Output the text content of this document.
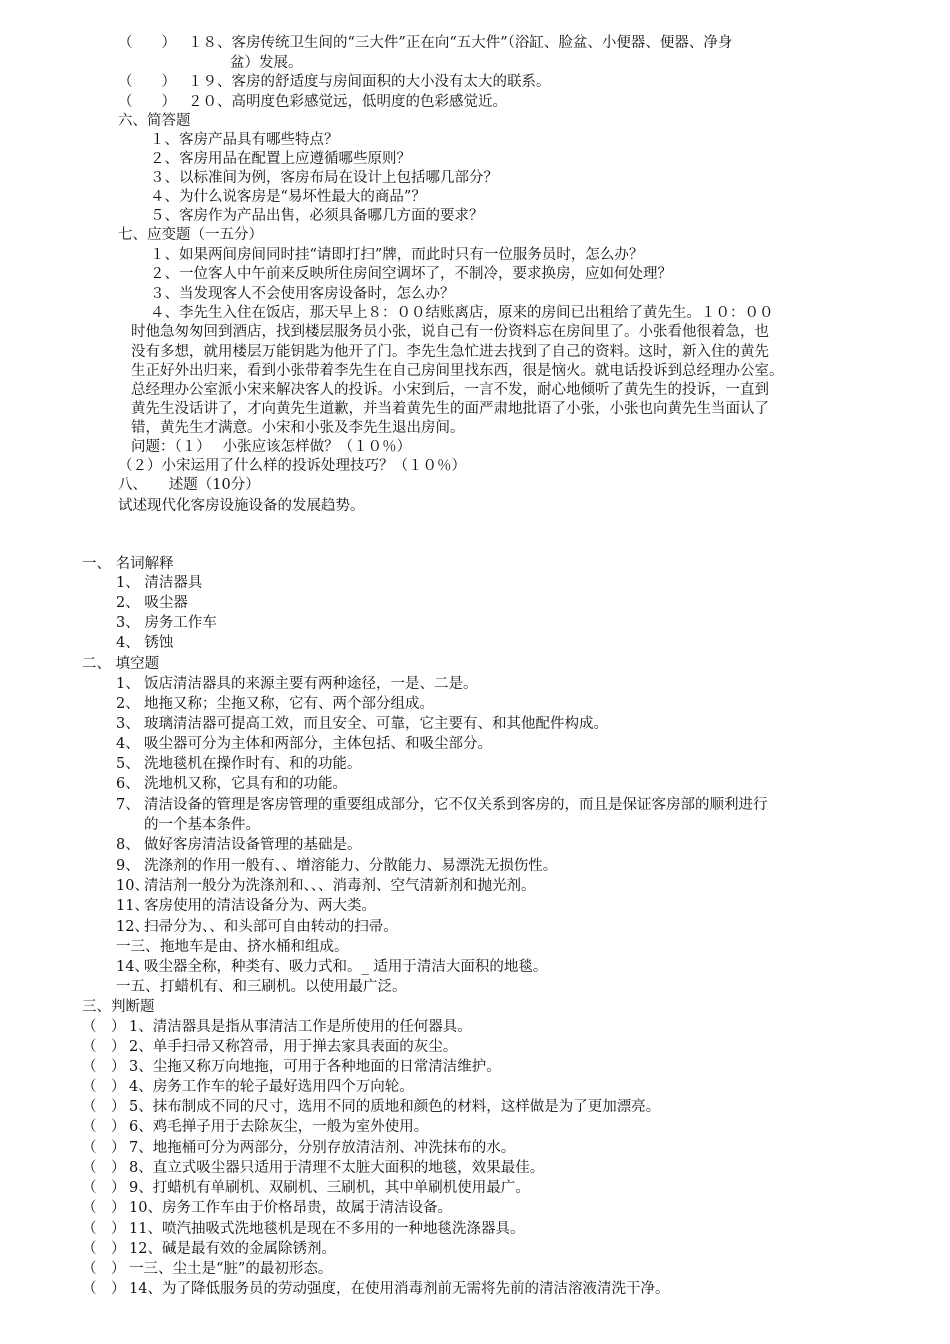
（　　） １８、客房传统卫生间的“三大件”正在向“五大件”（浴缸、脸盆、小便器、便器、净身
盆）发展。
（　　） １９、客房的舒适度与房间面积的大小没有太大的联系。
（　　） ２０、高明度色彩感觉远，低明度的色彩感觉近。
六、简答题
１、客房产品具有哪些特点？
２、客房用品在配置上应遵循哪些原则？
３、以标准间为例，客房布局在设计上包括哪几部分？
４、为什么说客房是“易坏性最大的商品”？
５、客房作为产品出售，必须具备哪几方面的要求？
七、应变题（一五分）
１、如果两间房间同时挂“请即打扫”牌，而此时只有一位服务员时，怎么办？
２、一位客人中午前来反映所住房间空调坏了，不制冷，要求换房，应如何处理？
３、当发现客人不会使用客房设备时，怎么办？
４、李先生入住在饭店，那天早上８：００结账离店，原来的房间已出租给了黄先生。１０：００
时他急匆匆回到酒店，找到楼层服务员小张，说自己有一份资料忘在房间里了。小张看他很着急，也
没有多想，就用楼层万能钥匙为他开了门。李先生急忙进去找到了自己的资料。这时，新入住的黄先
生正好外出归来，看到小张带着李先生在自己房间里找东西，很是恼火。就电话投诉到总经理办公室。
总经理办公室派小宋来解决客人的投诉。小宋到后，一言不发，耐心地倾听了黄先生的投诉，一直到
黄先生没话讲了，才向黄先生道歉，并当着黄先生的面严肃地批语了小张，小张也向黄先生当面认了
错，黄先生才满意。小宋和小张及李先生退出房间。
问题：（１）　 小张应该怎样做？（１０％）
（２）小宋运用了什么样的投诉处理技巧？（１０％）
八、　　述题（10分）
试述现代化客房设施设备的发展趋势。
一、 名词解释
1、 清洁器具
2、 吸尘器
3、 房务工作车
4、 锈蚀
二、 填空题
1、 饭店清洁器具的来源主要有两种途径，一是、二是。
2、 地拖又称；尘拖又称，它有、两个部分组成。
3、 玻璃清洁器可提高工效，而且安全、可靠，它主要有、和其他配件构成。
4、 吸尘器可分为主体和两部分，主体包括、和吸尘部分。
5、 洗地毯机在操作时有、和的功能。
6、 洗地机又称，它具有和的功能。
7、 清洁设备的管理是客房管理的重要组成部分，它不仅关系到客房的，而且是保证客房部的顺利进行
的一个基本条件。
8、 做好客房清洁设备管理的基础是。
9、 洗涤剂的作用一般有、、增溶能力、分散能力、易漂洗无损伤性。
10、
清洁剂一般分为洗涤剂和、、、消毒剂、空气清新剂和抛光剂。
11、
客房使用的清洁设备分为、两大类。
12、
扫帚分为、、和头部可自由转动的扫帚。
一三、 拖地车是由、挤水桶和组成。
14、
吸尘器全称，种类有、吸力式和。_ 适用于清洁大面积的地毯。
一五、 打蜡机有、和三刷机。以使用最广泛。
三、判断题
（　） 1、清洁器具是指从事清洁工作是所使用的任何器具。
（　） 2、单手扫帚又称笤帚，用于掸去家具表面的灰尘。
（　） 3、尘拖又称万向地拖，可用于各种地面的日常清洁维护。
（　） 4、房务工作车的轮子最好选用四个万向轮。
（　） 5、抹布制成不同的尺寸，选用不同的质地和颜色的材料，这样做是为了更加漂亮。
（　） 6、鸡毛掸子用于去除灰尘，一般为室外使用。
（　） 7、地拖桶可分为两部分，分别存放清洁剂、冲洗抹布的水。
（　） 8、直立式吸尘器只适用于清理不太脏大面积的地毯，效果最佳。
（　） 9、打蜡机有单刷机、双刷机、三刷机，其中单刷机使用最广。
（　） 10、房务工作车由于价格昂贵，故属于清洁设备。
（　） 11、喷汽抽吸式洗地毯机是现在不多用的一种地毯洗涤器具。
（　） 12、碱是最有效的金属除锈剂。
（　） 一三、尘土是“脏”的最初形态。
（　） 14、为了降低服务员的劳动强度，在使用消毒剂前无需将先前的清洁溶液清洗干净。
